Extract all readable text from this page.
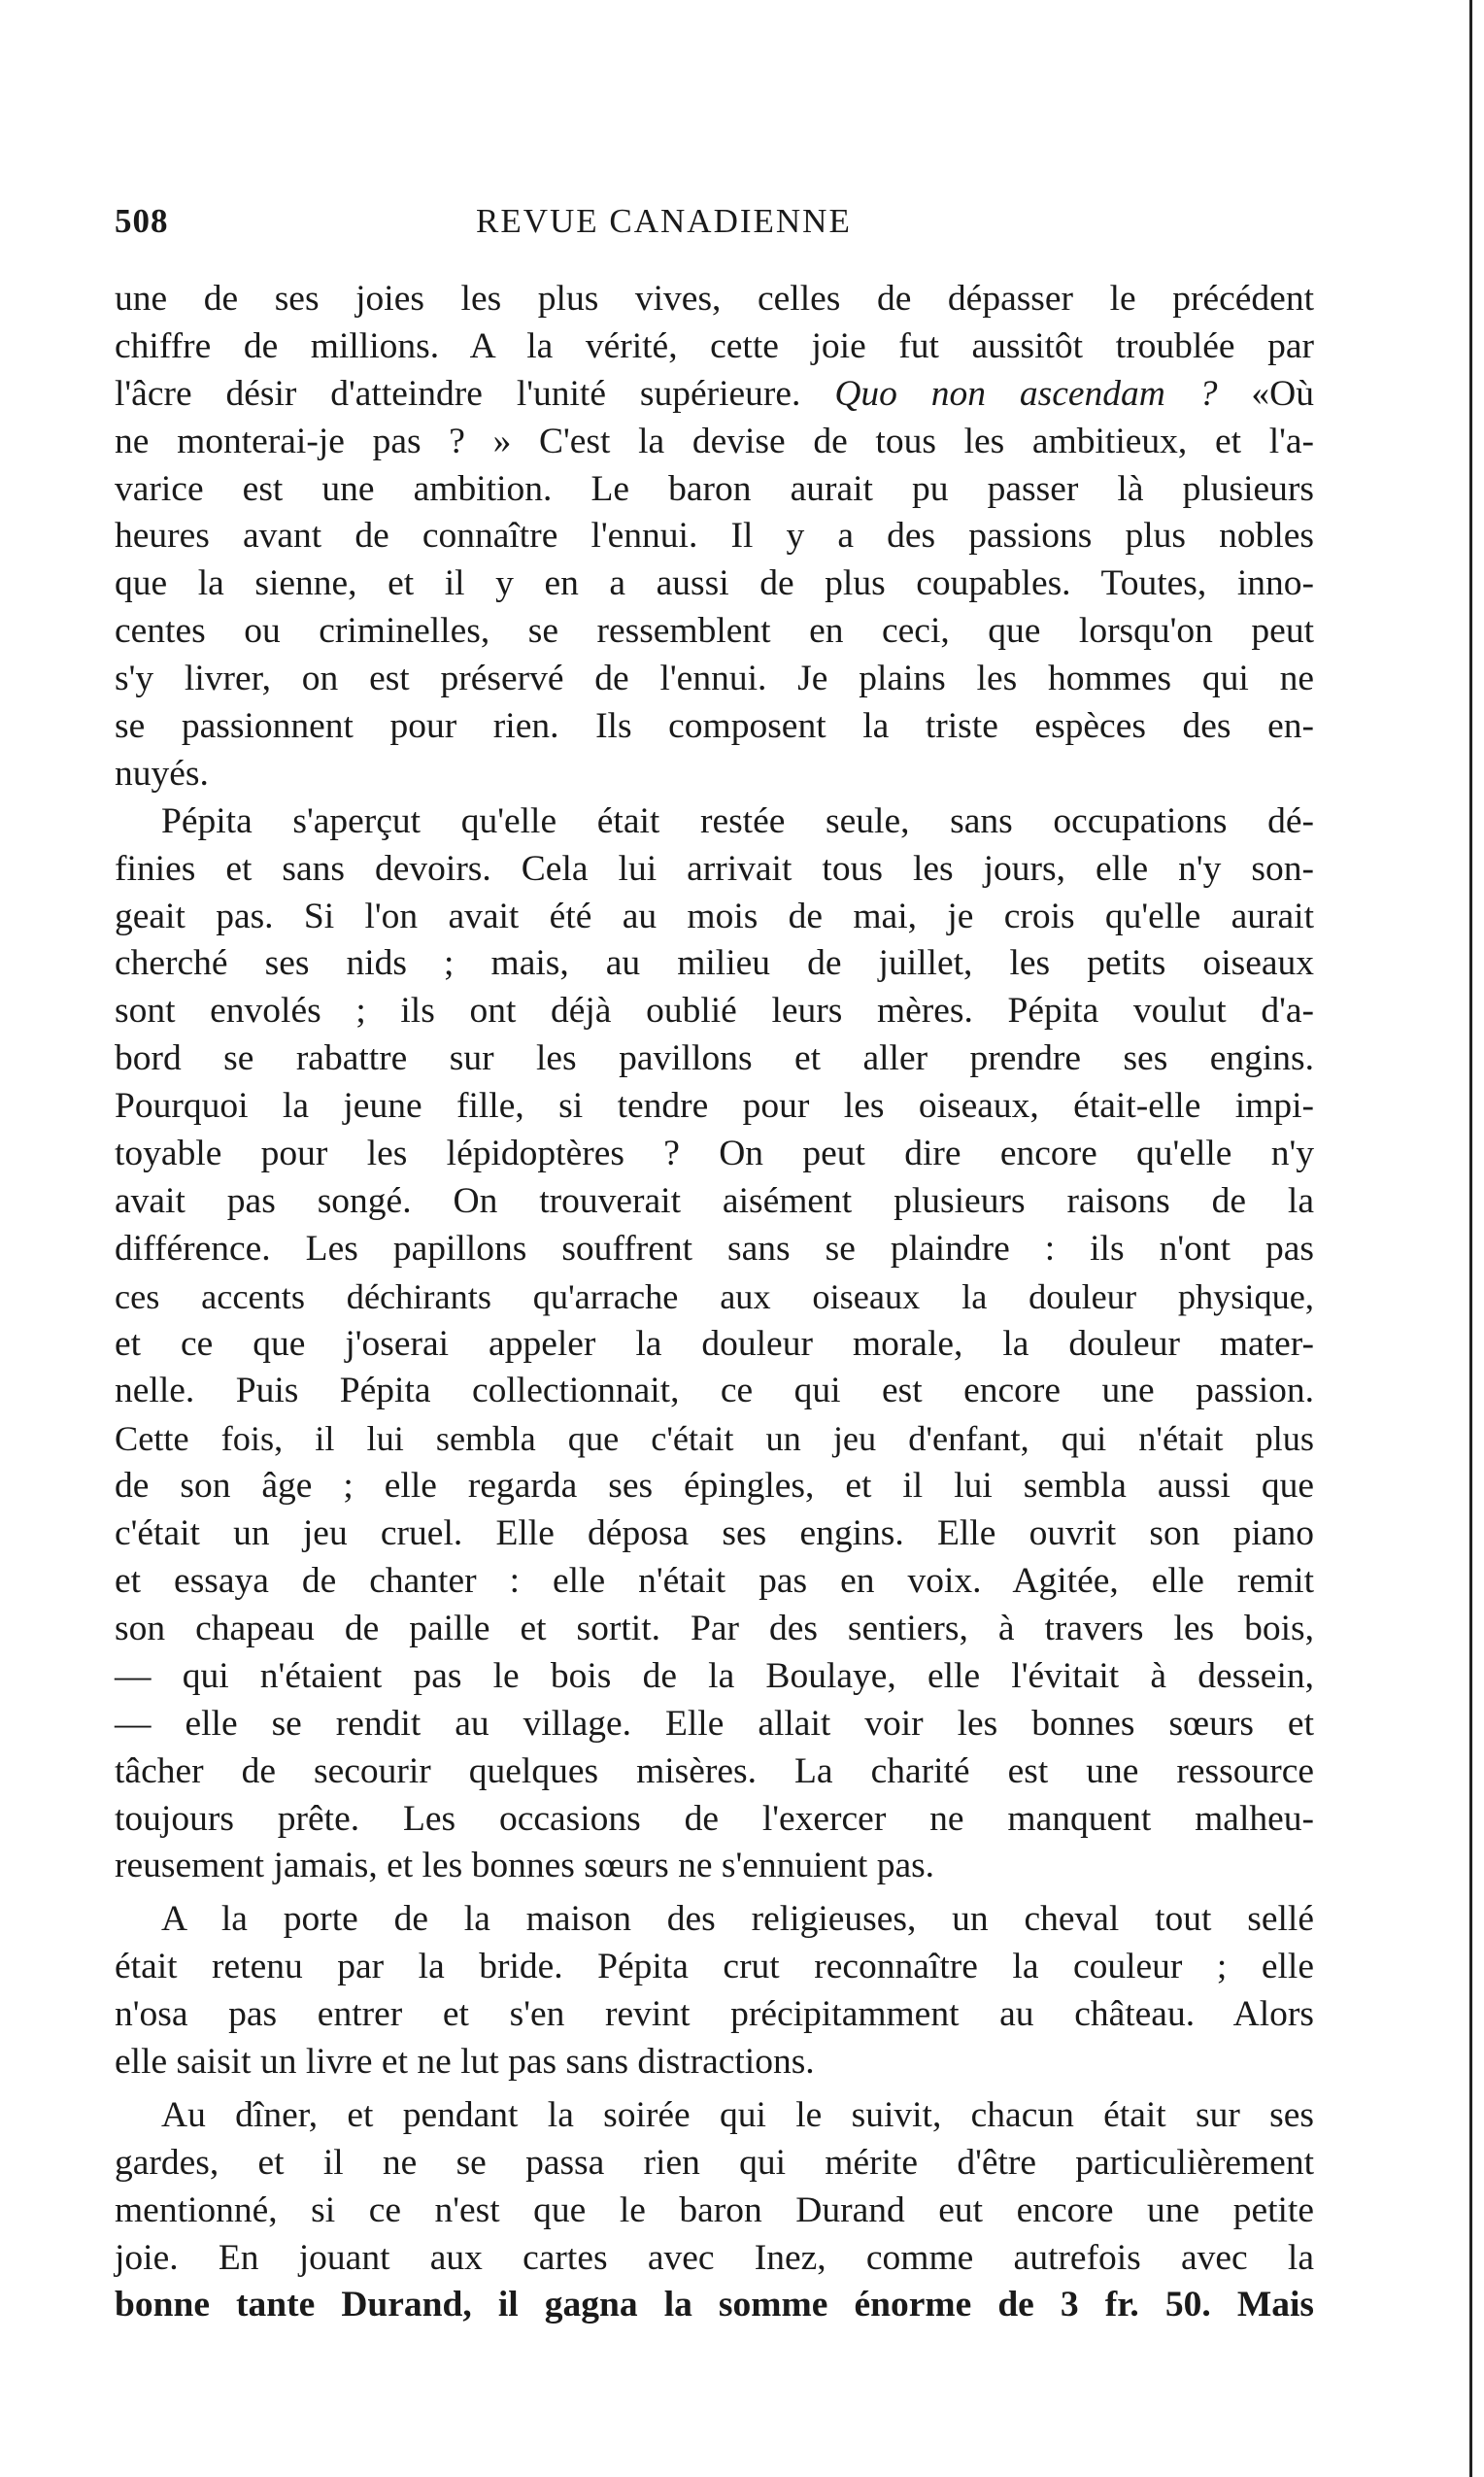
508	REVUE CANADIENNE
une de ses joies les plus vives, celles de dépasser le précédent
chiffre de millions. A la vérité, cette joie fut aussitôt troublée par
l'âcre désir d'atteindre l'unité supérieure. Quo non ascendam ? «Où
ne monterai-je pas ? » C'est la devise de tous les ambitieux, et l'a-
varice est une ambition. Le baron aurait pu passer là plusieurs
heures avant de connaître l'ennui. Il y a des passions plus nobles
que la sienne, et il y en a aussi de plus coupables. Toutes, inno-
centes ou criminelles, se ressemblent en ceci, que lorsqu'on peut
s'y livrer, on est préservé de l'ennui. Je plains les hommes qui ne
se passionnent pour rien. Ils composent la triste espèces des en-
nuyés.
Pépita s'aperçut qu'elle était restée seule, sans occupations dé-
finies et sans devoirs. Cela lui arrivait tous les jours, elle n'y son-
geait pas. Si l'on avait été au mois de mai, je crois qu'elle aurait
cherché ses nids ; mais, au milieu de juillet, les petits oiseaux
sont envolés ; ils ont déjà oublié leurs mères. Pépita voulut d'a-
bord se rabattre sur les pavillons et aller prendre ses engins.
Pourquoi la jeune fille, si tendre pour les oiseaux, était-elle impi-
toyable pour les lépidoptères ? On peut dire encore qu'elle n'y
avait pas songé. On trouverait aisément plusieurs raisons de la
différence. Les papillons souffrent sans se plaindre : ils n'ont pas
ces accents déchirants qu'arrache aux oiseaux la douleur physique,
et ce que j'oserai appeler la douleur morale, la douleur mater-
nelle. Puis Pépita collectionnait, ce qui est encore une passion.
Cette fois, il lui sembla que c'était un jeu d'enfant, qui n'était plus
de son âge ; elle regarda ses épingles, et il lui sembla aussi que
c'était un jeu cruel. Elle déposa ses engins. Elle ouvrit son piano
et essaya de chanter : elle n'était pas en voix. Agitée, elle remit
son chapeau de paille et sortit. Par des sentiers, à travers les bois,
— qui n'étaient pas le bois de la Boulaye, elle l'évitait à dessein,
— elle se rendit au village. Elle allait voir les bonnes sœurs et
tâcher de secourir quelques misères. La charité est une ressource
toujours prête. Les occasions de l'exercer ne manquent malheu-
reusement jamais, et les bonnes sœurs ne s'ennuient pas.
A la porte de la maison des religieuses, un cheval tout sellé
était retenu par la bride. Pépita crut reconnaître la couleur ; elle
n'osa pas entrer et s'en revint précipitamment au château. Alors
elle saisit un livre et ne lut pas sans distractions.
Au dîner, et pendant la soirée qui le suivit, chacun était sur ses
gardes, et il ne se passa rien qui mérite d'être particulièrement
mentionné, si ce n'est que le baron Durand eut encore une petite
joie. En jouant aux cartes avec Inez, comme autrefois avec la
bonne tante Durand, il gagna la somme énorme de 3 fr. 50. Mais
